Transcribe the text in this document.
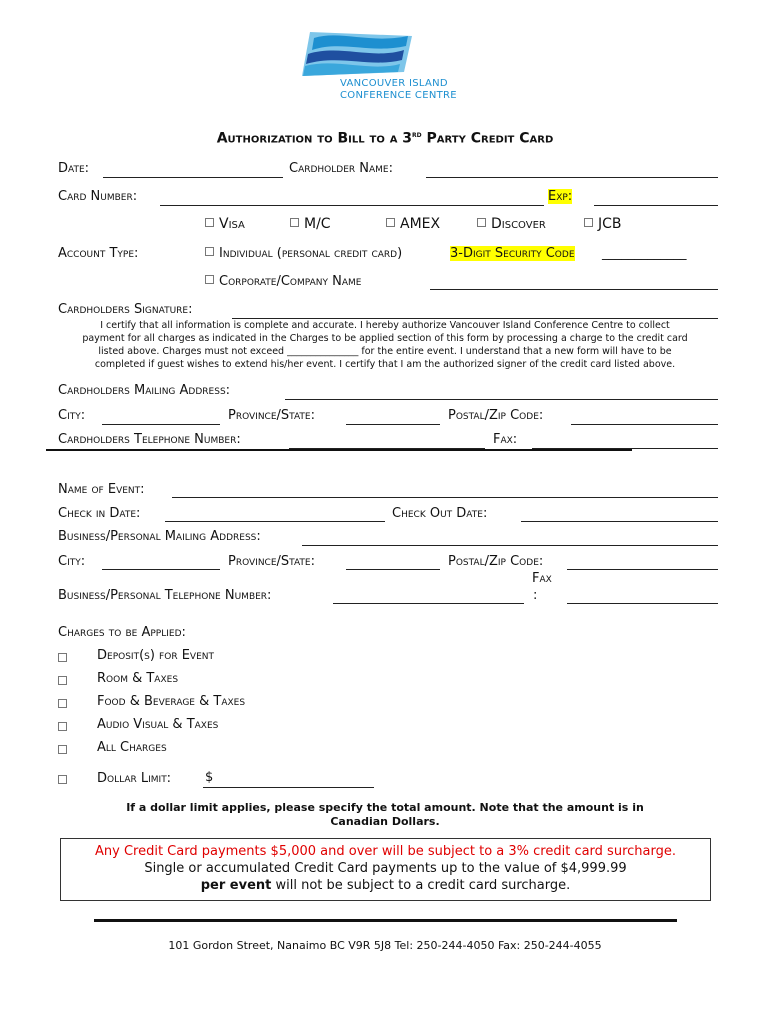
VANCOUVER ISLAND
CONFERENCE CENTRE
Authorization to Bill to a 3rd Party Credit Card
Date:	Cardholder Name:
Card Number:	Exp:
Visa	M/C	AMEX	Discover	JCB
Account Type:	Individual (personal credit card)	3-Digit Security Code _____________
Corporate/Company Name
Cardholders Signature:
I certify that all information is complete and accurate. I hereby authorize Vancouver Island Conference Centre to collect
payment for all charges as indicated in the Charges to be applied section of this form by processing a charge to the credit card
listed above. Charges must not exceed _______________ for the entire event. I understand that a new form will have to be
completed if guest wishes to extend his/her event. I certify that I am the authorized signer of the credit card listed above.
Cardholders Mailing Address:
City:	Province/State:	Postal/Zip Code:
Cardholders Telephone Number:	Fax:
Name of Event:
Check in Date:	Check Out Date:
Business/Personal Mailing Address:
City:	Province/State:	Postal/Zip Code:
Fax
Business/Personal Telephone Number:	:
Charges to be Applied:
Deposit(s) for Event
Room & Taxes
Food & Beverage & Taxes
Audio Visual & Taxes
All Charges
Dollar Limit:	$
If a dollar limit applies, please specify the total amount. Note that the amount is in
Canadian Dollars.
Any Credit Card payments $5,000 and over will be subject to a 3% credit card surcharge.
Single or accumulated Credit Card payments up to the value of $4,999.99
per event will not be subject to a credit card surcharge.
101 Gordon Street, Nanaimo BC V9R 5J8 Tel: 250-244-4050 Fax: 250-244-4055
